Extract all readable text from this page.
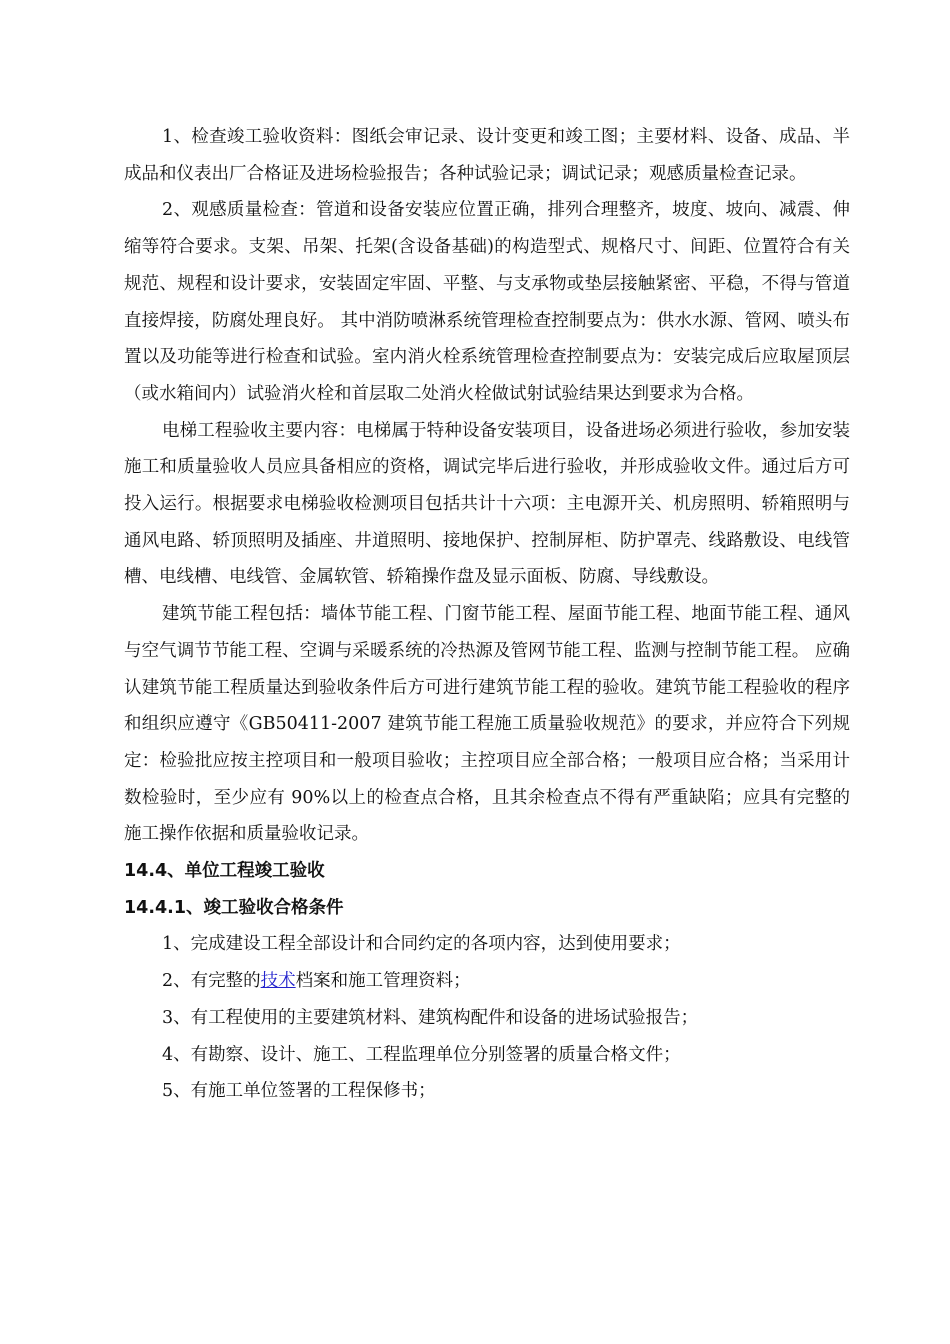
1、检查竣工验收资料：图纸会审记录、设计变更和竣工图；主要材料、设备、成品、半成品和仪表出厂合格证及进场检验报告；各种试验记录；调试记录；观感质量检查记录。

2、观感质量检查：管道和设备安装应位置正确，排列合理整齐，坡度、坡向、减震、伸缩等符合要求。支架、吊架、托架(含设备基础)的构造型式、规格尺寸、间距、位置符合有关规范、规程和设计要求，安装固定牢固、平整、与支承物或垫层接触紧密、平稳，不得与管道直接焊接，防腐处理良好。 其中消防喷淋系统管理检查控制要点为：供水水源、管网、喷头布置以及功能等进行检查和试验。室内消火栓系统管理检查控制要点为：安装完成后应取屋顶层（或水箱间内）试验消火栓和首层取二处消火栓做试射试验结果达到要求为合格。

电梯工程验收主要内容：电梯属于特种设备安装项目，设备进场必须进行验收，参加安装施工和质量验收人员应具备相应的资格，调试完毕后进行验收，并形成验收文件。通过后方可投入运行。根据要求电梯验收检测项目包括共计十六项：主电源开关、机房照明、轿箱照明与通风电路、轿顶照明及插座、井道照明、接地保护、控制屏柜、防护罩壳、线路敷设、电线管槽、电线槽、电线管、金属软管、轿箱操作盘及显示面板、防腐、导线敷设。

建筑节能工程包括：墙体节能工程、门窗节能工程、屋面节能工程、地面节能工程、通风与空气调节节能工程、空调与采暖系统的冷热源及管网节能工程、监测与控制节能工程。 应确认建筑节能工程质量达到验收条件后方可进行建筑节能工程的验收。建筑节能工程验收的程序和组织应遵守《GB50411-2007 建筑节能工程施工质量验收规范》的要求，并应符合下列规定：检验批应按主控项目和一般项目验收；主控项目应全部合格；一般项目应合格；当采用计数检验时，至少应有 90%以上的检查点合格，且其余检查点不得有严重缺陷；应具有完整的施工操作依据和质量验收记录。

14.4、单位工程竣工验收

14.4.1、竣工验收合格条件

1、完成建设工程全部设计和合同约定的各项内容，达到使用要求；

2、有完整的技术档案和施工管理资料；

3、有工程使用的主要建筑材料、建筑构配件和设备的进场试验报告；

4、有勘察、设计、施工、工程监理单位分别签署的质量合格文件；

5、有施工单位签署的工程保修书；
